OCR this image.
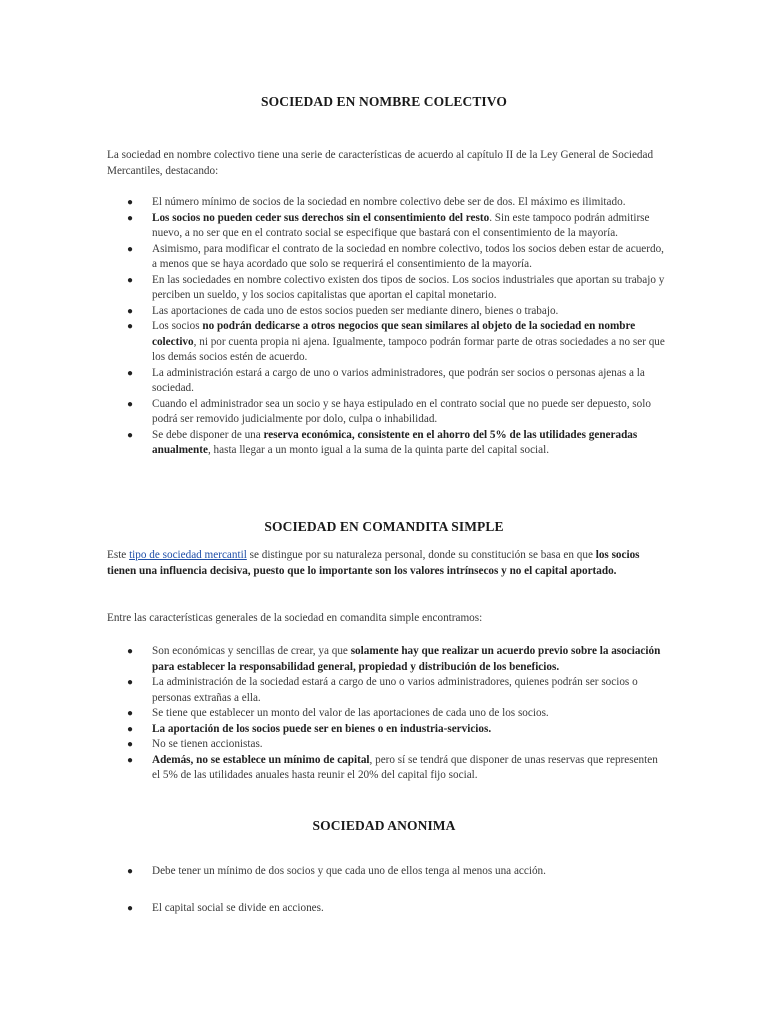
SOCIEDAD EN NOMBRE COLECTIVO

La sociedad en nombre colectivo tiene una serie de características de acuerdo al capítulo II de la Ley General de Sociedad Mercantiles, destacando:

● El número mínimo de socios de la sociedad en nombre colectivo debe ser de dos. El máximo es ilimitado.
● Los socios no pueden ceder sus derechos sin el consentimiento del resto. Sin este tampoco podrán admitirse nuevo, a no ser que en el contrato social se especifique que bastará con el consentimiento de la mayoría.
● Asimismo, para modificar el contrato de la sociedad en nombre colectivo, todos los socios deben estar de acuerdo, a menos que se haya acordado que solo se requerirá el consentimiento de la mayoría.
● En las sociedades en nombre colectivo existen dos tipos de socios. Los socios industriales que aportan su trabajo y perciben un sueldo, y los socios capitalistas que aportan el capital monetario.
● Las aportaciones de cada uno de estos socios pueden ser mediante dinero, bienes o trabajo.
● Los socios no podrán dedicarse a otros negocios que sean similares al objeto de la sociedad en nombre colectivo, ni por cuenta propia ni ajena. Igualmente, tampoco podrán formar parte de otras sociedades a no ser que los demás socios estén de acuerdo.
● La administración estará a cargo de uno o varios administradores, que podrán ser socios o personas ajenas a la sociedad.
● Cuando el administrador sea un socio y se haya estipulado en el contrato social que no puede ser depuesto, solo podrá ser removido judicialmente por dolo, culpa o inhabilidad.
● Se debe disponer de una reserva económica, consistente en el ahorro del 5% de las utilidades generadas anualmente, hasta llegar a un monto igual a la suma de la quinta parte del capital social.
SOCIEDAD EN COMANDITA SIMPLE

Este tipo de sociedad mercantil se distingue por su naturaleza personal, donde su constitución se basa en que los socios tienen una influencia decisiva, puesto que lo importante son los valores intrínsecos y no el capital aportado.

Entre las características generales de la sociedad en comandita simple encontramos:

● Son económicas y sencillas de crear, ya que solamente hay que realizar un acuerdo previo sobre la asociación para establecer la responsabilidad general, propiedad y distribución de los beneficios.
● La administración de la sociedad estará a cargo de uno o varios administradores, quienes podrán ser socios o personas extrañas a ella.
● Se tiene que establecer un monto del valor de las aportaciones de cada uno de los socios.
● La aportación de los socios puede ser en bienes o en industria-servicios.
● No se tienen accionistas.
● Además, no se establece un mínimo de capital, pero sí se tendrá que disponer de unas reservas que representen el 5% de las utilidades anuales hasta reunir el 20% del capital fijo social.
SOCIEDAD ANONIMA
● Debe tener un mínimo de dos socios y que cada uno de ellos tenga al menos una acción.
● El capital social se divide en acciones.
